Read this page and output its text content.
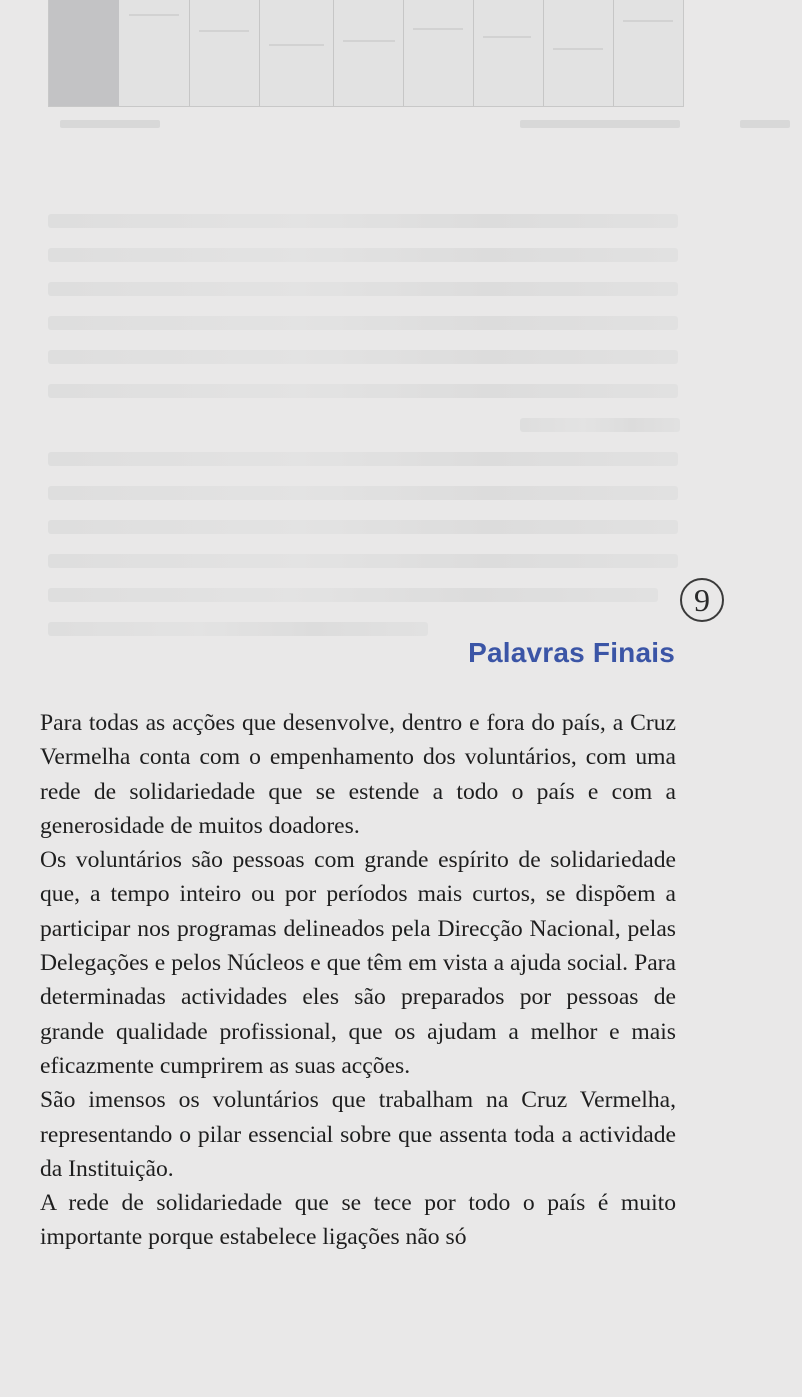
9
Palavras Finais

Para todas as acções que desenvolve, dentro e fora do país, a Cruz Vermelha conta com o empenhamento dos voluntários, com uma rede de solidariedade que se estende a todo o país e com a generosidade de muitos doadores.

Os voluntários são pessoas com grande espírito de solidariedade que, a tempo inteiro ou por períodos mais curtos, se dispõem a participar nos programas delineados pela Direcção Nacional, pelas Delegações e pelos Núcleos e que têm em vista a ajuda social. Para determinadas actividades eles são preparados por pessoas de grande qualidade profissional, que os ajudam a melhor e mais eficazmente cumprirem as suas acções.

São imensos os voluntários que trabalham na Cruz Vermelha, representando o pilar essencial sobre que assenta toda a actividade da Instituição.

A rede de solidariedade que se tece por todo o país é muito importante porque estabelece ligações não só
